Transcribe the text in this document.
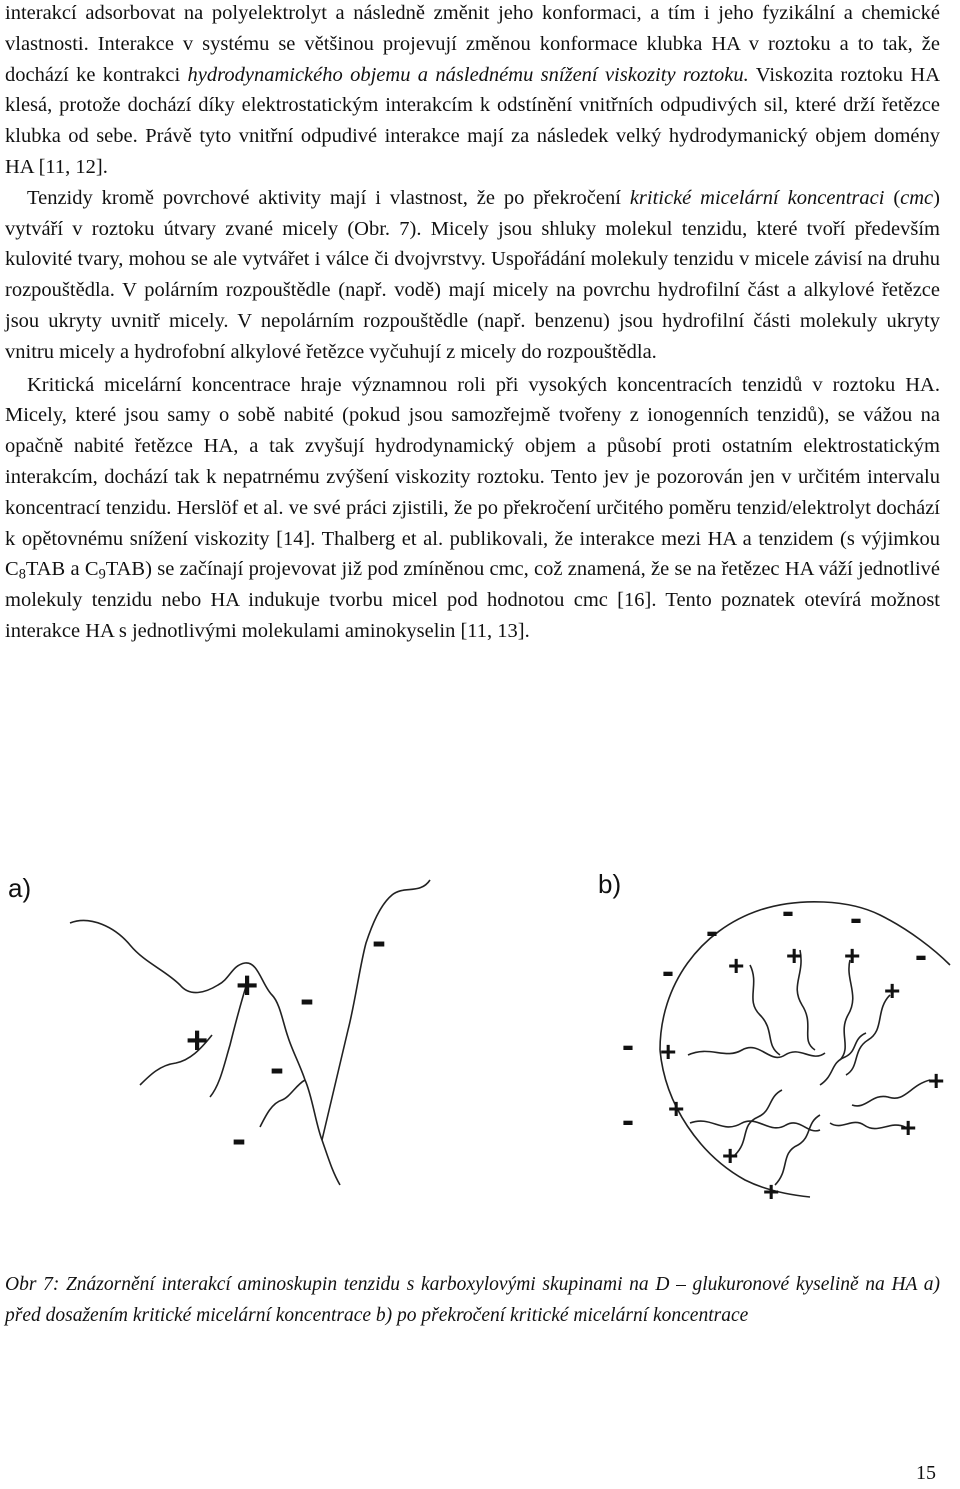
interakcí adsorbovat na polyelektrolyt a následně změnit jeho konformaci, a tím i jeho fyzikální a chemické vlastnosti. Interakce v systému se většinou projevují změnou konformace klubka HA v roztoku a to tak, že dochází ke kontrakci hydrodynamického objemu a následnému snížení viskozity roztoku. Viskozita roztoku HA klesá, protože dochází díky elektrostatickým interakcím k odstínění vnitřních odpudivých sil, které drží řetězce klubka od sebe. Právě tyto vnitřní odpudivé interakce mají za následek velký hydrodymanický objem domény HA [11, 12].

Tenzidy kromě povrchové aktivity mají i vlastnost, že po překročení kritické micelární koncentraci (cmc) vytváří v roztoku útvary zvané micely (Obr. 7). Micely jsou shluky molekul tenzidu, které tvoří především kulovité tvary, mohou se ale vytvářet i válce či dvojvrstvy. Uspořádání molekuly tenzidu v micele závisí na druhu rozpouštědla. V polárním rozpouštědle (např. vodě) mají micely na povrchu hydrofilní část a alkylové řetězce jsou ukryty uvnitř micely. V nepolárním rozpouštědle (např. benzenu) jsou hydrofilní části molekuly ukryty vnitru micely a hydrofobní alkylové řetězce vyčuhují z micely do rozpouštědla.

Kritická micelární koncentrace hraje významnou roli při vysokých koncentracích tenzidů v roztoku HA. Micely, které jsou samy o sobě nabité (pokud jsou samozřejmě tvořeny z ionogenních tenzidů), se vážou na opačně nabité řetězce HA, a tak zvyšují hydrodynamický objem a působí proti ostatním elektrostatickým interakcím, dochází tak k nepatrnému zvýšení viskozity roztoku. Tento jev je pozorován jen v určitém intervalu koncentrací tenzidu. Herslöf et al. ve své práci zjistili, že po překročení určitého poměru tenzid/elektrolyt dochází k opětovnému snížení viskozity [14]. Thalberg et al. publikovali, že interakce mezi HA a tenzidem (s výjimkou $C_8TAB$ a $C_9TAB$) se začínají projevovat již pod zmíněnou cmc, což znamená, že se na řetězec HA váží jednotlivé molekuly tenzidu nebo HA indukuje tvorbu micel pod hodnotou cmc [16]. Tento poznatek otevírá možnost interakce HA s jednotlivými molekulami aminokyselin [11, 13].

a)	b)
+
+
-
-
-
-
- -
-
-
-
-
-
+ + +
+
+
+
+
+
+
+

Obr 7: Znázornění interakcí aminoskupin tenzidu s karboxylovými skupinami na D – glukuronové kyselině na HA a) před dosažením kritické micelární koncentrace b) po překročení kritické micelární koncentrace

15
